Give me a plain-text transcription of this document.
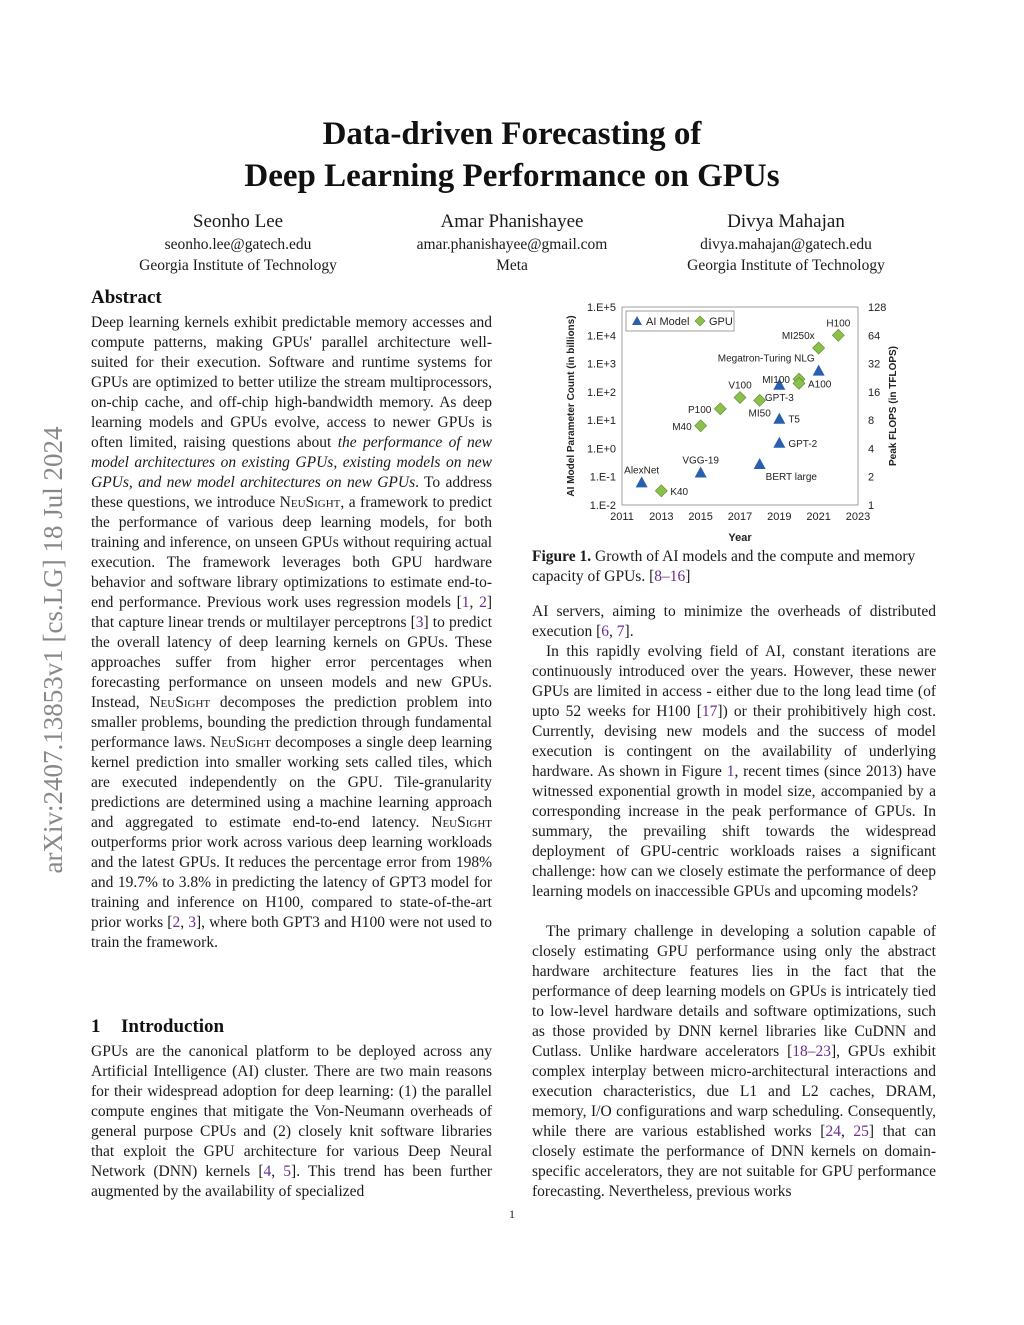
arXiv:2407.13853v1 [cs.LG] 18 Jul 2024
Data-driven Forecasting of
Deep Learning Performance on GPUs
Seonho Lee
seonho.lee@gatech.edu
Georgia Institute of Technology
Amar Phanishayee
amar.phanishayee@gmail.com
Meta
Divya Mahajan
divya.mahajan@gatech.edu
Georgia Institute of Technology
Abstract

Deep learning kernels exhibit predictable memory accesses and compute patterns, making GPUs' parallel architecture well-suited for their execution. Software and runtime systems for GPUs are optimized to better utilize the stream multiprocessors, on-chip cache, and off-chip high-bandwidth memory. As deep learning models and GPUs evolve, access to newer GPUs is often limited, raising questions about the performance of new model architectures on existing GPUs, existing models on new GPUs, and new model architectures on new GPUs. To address these questions, we introduce NeuSight, a framework to predict the performance of various deep learning models, for both training and inference, on unseen GPUs without requiring actual execution. The framework leverages both GPU hardware behavior and software library optimizations to estimate end-to-end performance. Previous work uses regression models [1, 2] that capture linear trends or multilayer perceptrons [3] to predict the overall latency of deep learning kernels on GPUs. These approaches suffer from higher error percentages when forecasting performance on unseen models and new GPUs. Instead, NeuSight decomposes the prediction problem into smaller problems, bounding the prediction through fundamental performance laws. NeuSight decomposes a single deep learning kernel prediction into smaller working sets called tiles, which are executed independently on the GPU. Tile-granularity predictions are determined using a machine learning approach and aggregated to estimate end-to-end latency. NeuSight outperforms prior work across various deep learning workloads and the latest GPUs. It reduces the percentage error from 198% and 19.7% to 3.8% in predicting the latency of GPT3 model for training and inference on H100, compared to state-of-the-art prior works [2, 3], where both GPT3 and H100 were not used to train the framework.

1 Introduction

GPUs are the canonical platform to be deployed across any Artificial Intelligence (AI) cluster. There are two main reasons for their widespread adoption for deep learning: (1) the parallel compute engines that mitigate the Von-Neumann overheads of general purpose CPUs and (2) closely knit software libraries that exploit the GPU architecture for various Deep Neural Network (DNN) kernels [4, 5]. This trend has been further augmented by the availability of specialized

1.E-2
1.E-1
1.E+0
1.E+1
1.E+2
1.E+3
1.E+4
1.E+5
1
2
4
8
16
32
64
128
2011 2013 2015 2017 2019 2021 2023
AlexNet
VGG-19
BERT large
GPT-2
T5
GPT-3
Megatron-Turing NLG
K40
M40
P100
V100
MI50
MI100 A100
MI250x
H100
AI Model GPU
Year
AI Model Parameter Count (in billions)	Peak FLOPS (in TFLOPS)

Figure 1. Growth of AI models and the compute and memory capacity of GPUs. [8–16]

AI servers, aiming to minimize the overheads of distributed execution [6, 7].

In this rapidly evolving field of AI, constant iterations are continuously introduced over the years. However, these newer GPUs are limited in access - either due to the long lead time (of upto 52 weeks for H100 [17]) or their prohibitively high cost. Currently, devising new models and the success of model execution is contingent on the availability of underlying hardware. As shown in Figure 1, recent times (since 2013) have witnessed exponential growth in model size, accompanied by a corresponding increase in the peak performance of GPUs. In summary, the prevailing shift towards the widespread deployment of GPU-centric workloads raises a significant challenge: how can we closely estimate the performance of deep learning models on inaccessible GPUs and upcoming models?

The primary challenge in developing a solution capable of closely estimating GPU performance using only the abstract hardware architecture features lies in the fact that the performance of deep learning models on GPUs is intricately tied to low-level hardware details and software optimizations, such as those provided by DNN kernel libraries like CuDNN and Cutlass. Unlike hardware accelerators [18–23], GPUs exhibit complex interplay between micro-architectural interactions and execution characteristics, due L1 and L2 caches, DRAM, memory, I/O configurations and warp scheduling. Consequently, while there are various established works [24, 25] that can closely estimate the performance of DNN kernels on domain-specific accelerators, they are not suitable for GPU performance forecasting. Nevertheless, previous works

1
